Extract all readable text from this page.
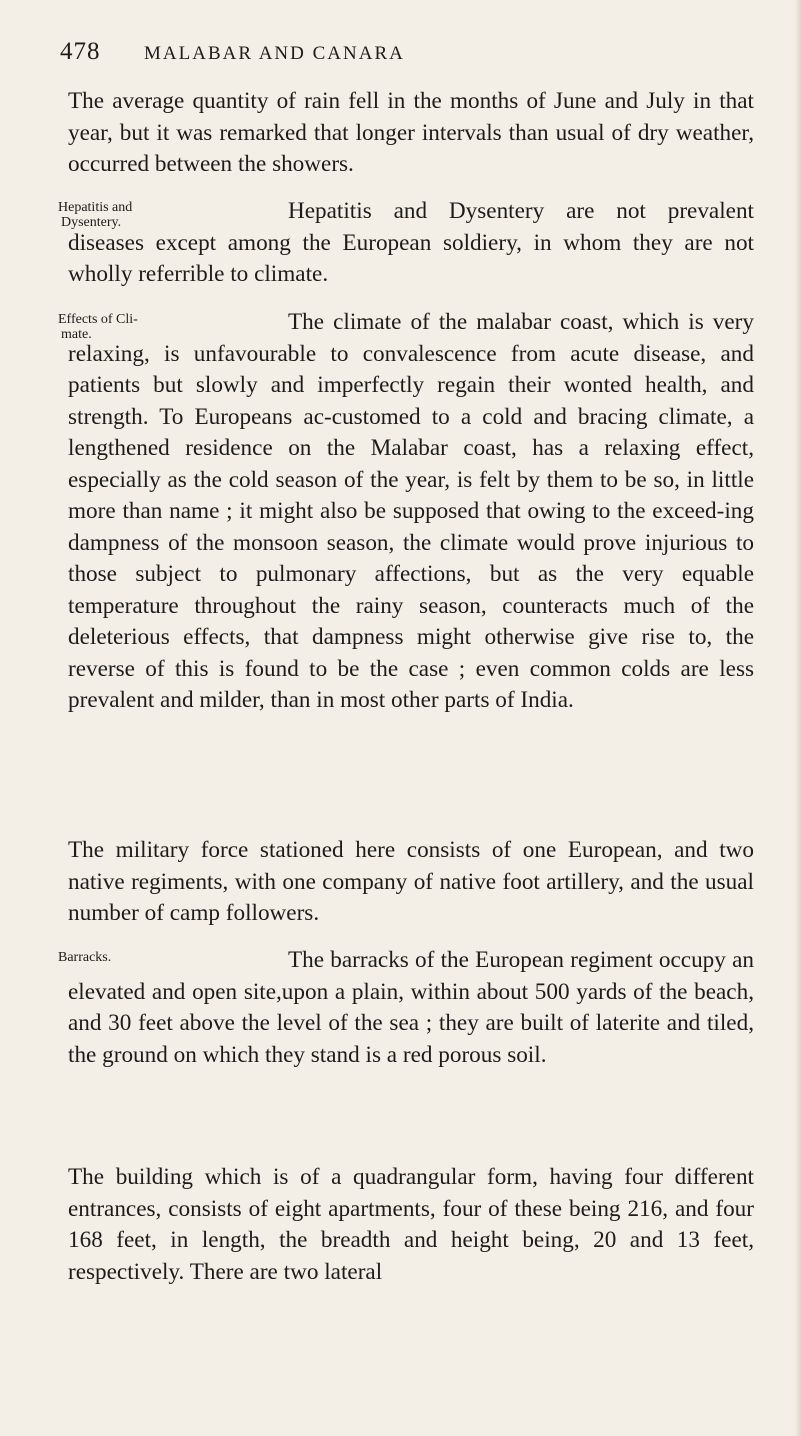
478 MALABAR AND CANARA

The average quantity of rain fell in the months of June and July in that year, but it was remarked that longer intervals than usual of dry weather, occurred between the showers.

Hepatitis and
Dysentery.	Hepatitis and Dysentery are not prevalent diseases except among the European soldiery, in whom they are not wholly referrible to climate.

Effects of Cli-
mate.	The climate of the malabar coast, which is very relaxing, is unfavourable to convalescence from acute disease, and patients but slowly and imperfectly regain their wonted health, and strength. To Europeans ac-customed to a cold and bracing climate, a lengthened residence on the Malabar coast, has a relaxing effect, especially as the cold season of the year, is felt by them to be so, in little more than name ; it might also be supposed that owing to the exceed-ing dampness of the monsoon season, the climate would prove injurious to those subject to pulmonary affections, but as the very equable temperature throughout the rainy season, counteracts much of the deleterious effects, that dampness might otherwise give rise to, the reverse of this is found to be the case ; even common colds are less prevalent and milder, than in most other parts of India.

The military force stationed here consists of one European, and two native regiments, with one company of native foot artillery, and the usual number of camp followers.

Barracks.	The barracks of the European regiment occupy an elevated and open site,upon a plain, within about 500 yards of the beach, and 30 feet above the level of the sea ; they are built of laterite and tiled, the ground on which they stand is a red porous soil.

The building which is of a quadrangular form, having four different entrances, consists of eight apartments, four of these being 216, and four 168 feet, in length, the breadth and height being, 20 and 13 feet, respectively. There are two lateral
